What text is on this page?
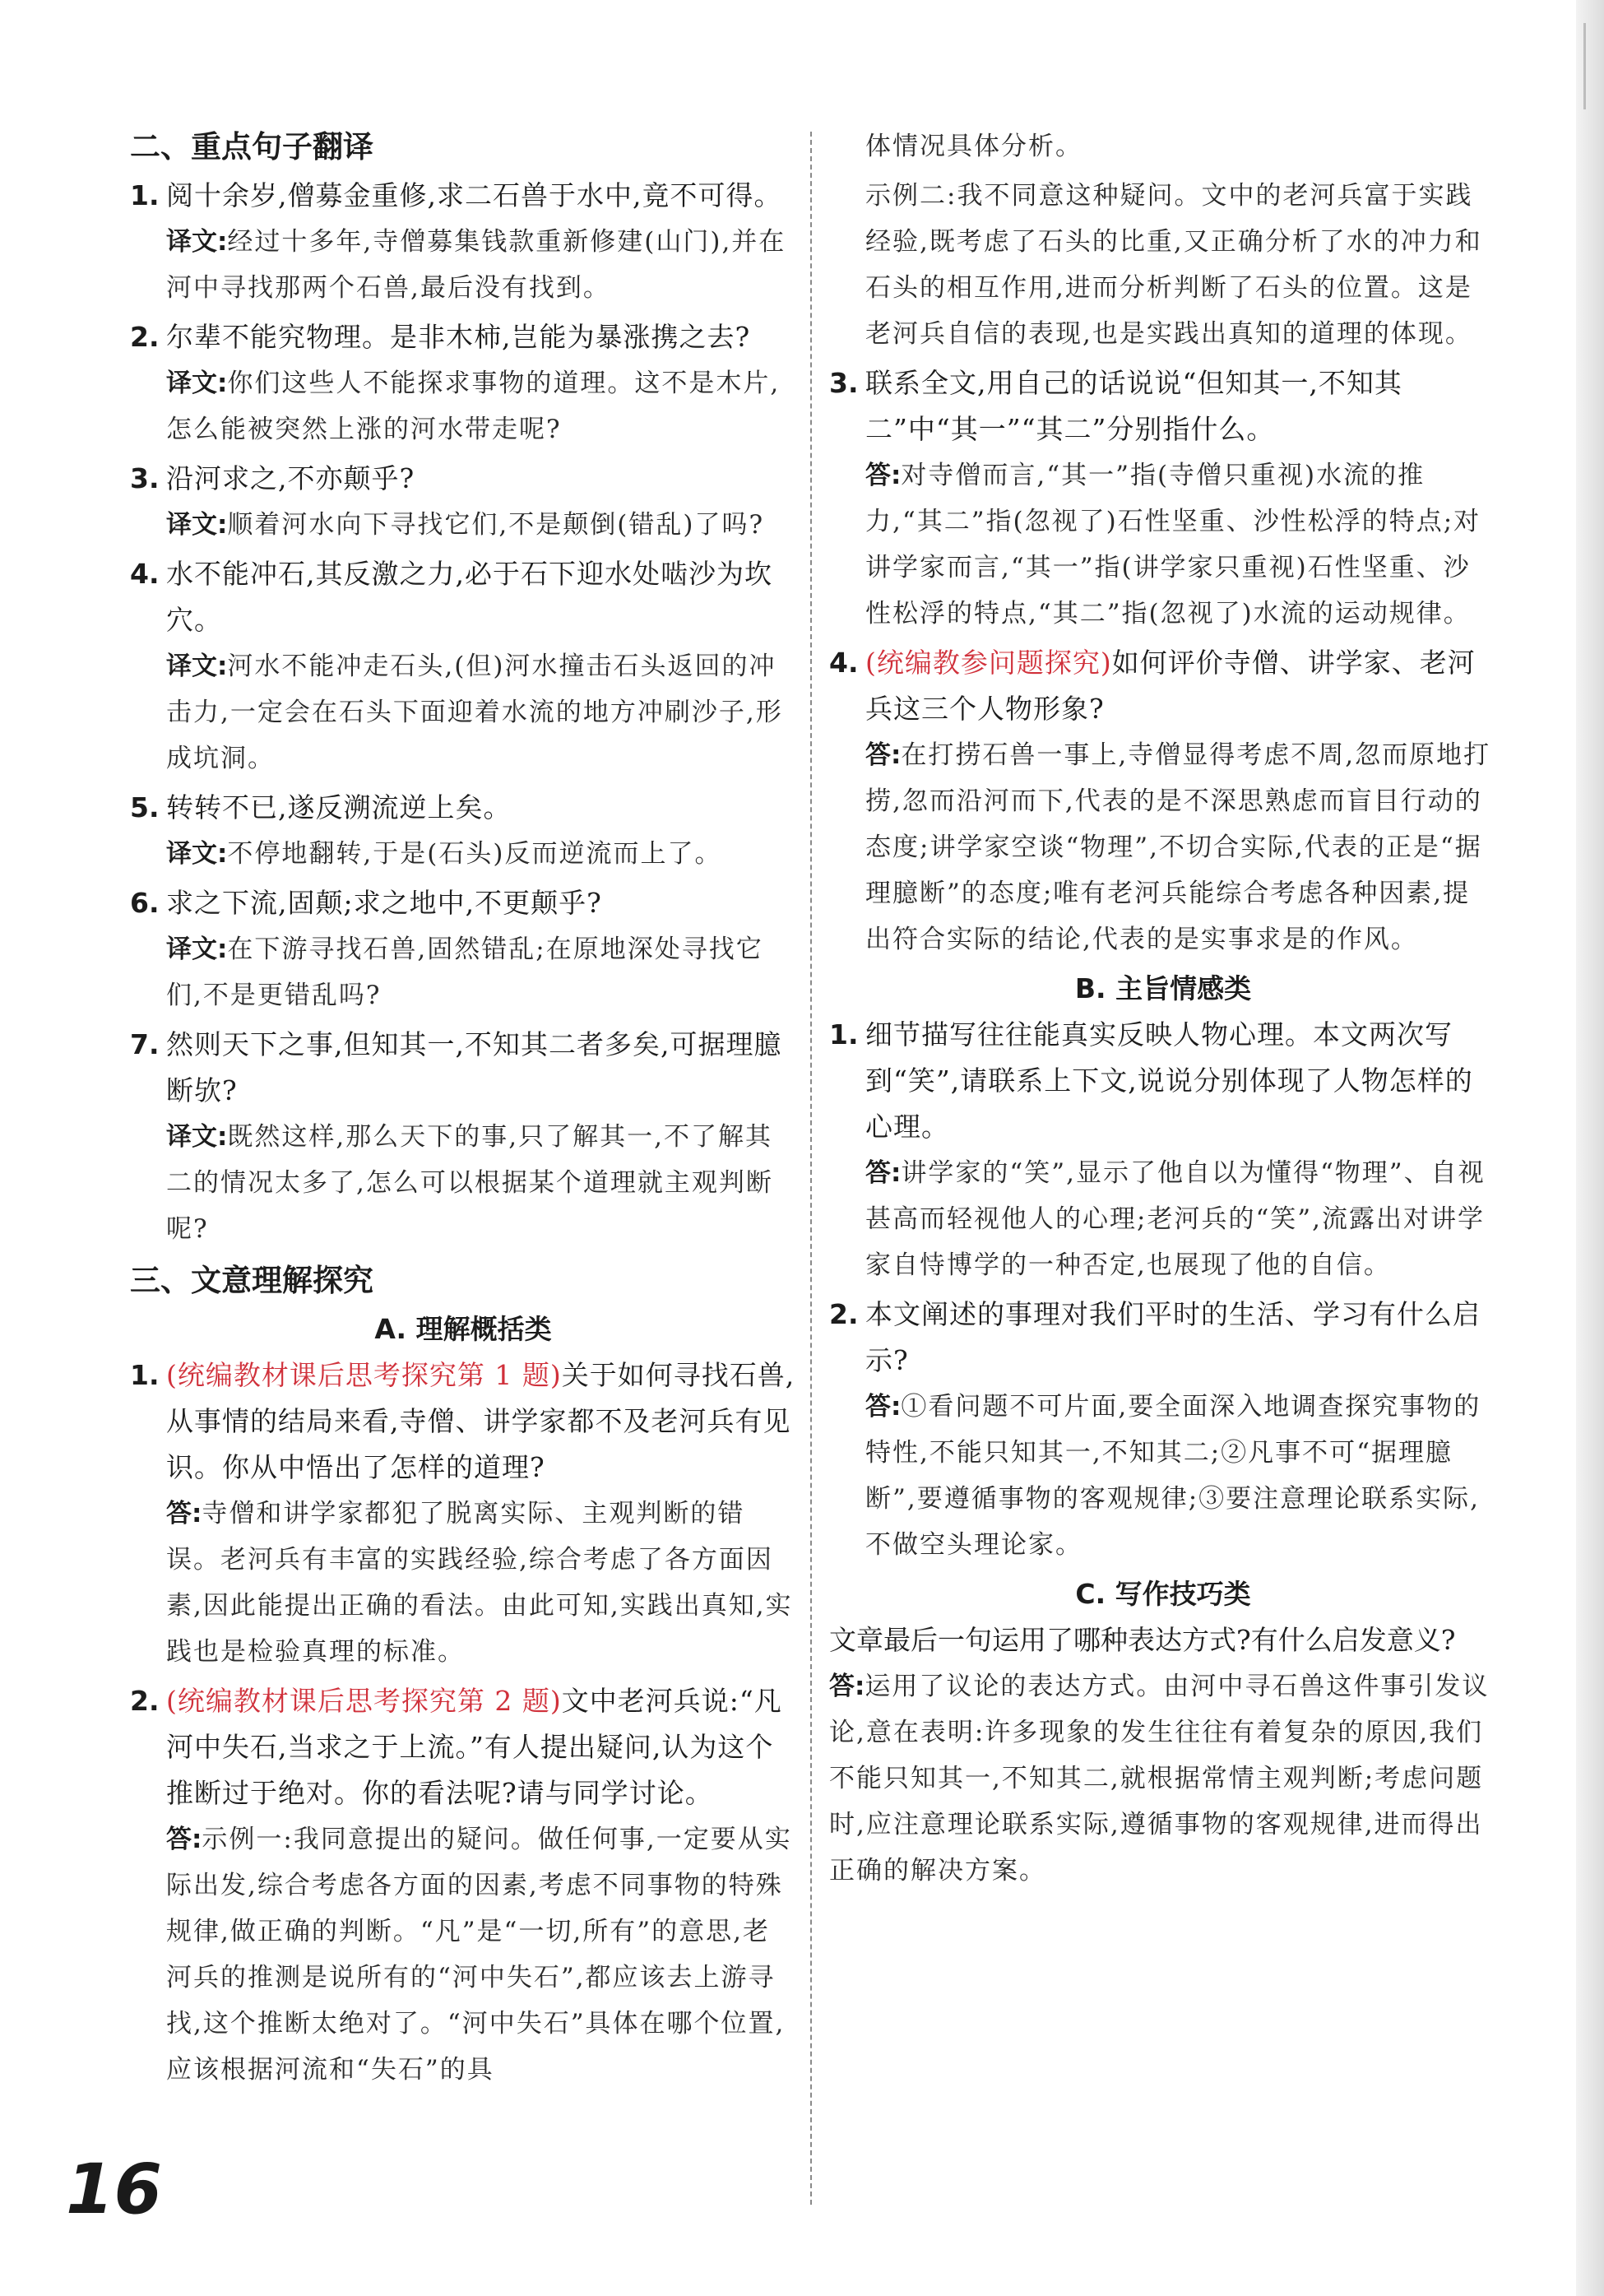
二、重点句子翻译
1. 阅十余岁,僧募金重修,求二石兽于水中,竟不可得。
译文:经过十多年,寺僧募集钱款重新修建(山门),并在河中寻找那两个石兽,最后没有找到。
2. 尔辈不能究物理。是非木柿,岂能为暴涨携之去?
译文:你们这些人不能探求事物的道理。这不是木片,怎么能被突然上涨的河水带走呢?
3. 沿河求之,不亦颠乎?
译文:顺着河水向下寻找它们,不是颠倒(错乱)了吗?
4. 水不能冲石,其反激之力,必于石下迎水处啮沙为坎穴。
译文:河水不能冲走石头,(但)河水撞击石头返回的冲击力,一定会在石头下面迎着水流的地方冲刷沙子,形成坑洞。
5. 转转不已,遂反溯流逆上矣。
译文:不停地翻转,于是(石头)反而逆流而上了。
6. 求之下流,固颠;求之地中,不更颠乎?
译文:在下游寻找石兽,固然错乱;在原地深处寻找它们,不是更错乱吗?
7. 然则天下之事,但知其一,不知其二者多矣,可据理臆断欤?
译文:既然这样,那么天下的事,只了解其一,不了解其二的情况太多了,怎么可以根据某个道理就主观判断呢?
三、文意理解探究
A. 理解概括类
1. (统编教材课后思考探究第 1 题)关于如何寻找石兽,从事情的结局来看,寺僧、讲学家都不及老河兵有见识。你从中悟出了怎样的道理?
答:寺僧和讲学家都犯了脱离实际、主观判断的错误。老河兵有丰富的实践经验,综合考虑了各方面因素,因此能提出正确的看法。由此可知,实践出真知,实践也是检验真理的标准。
2. (统编教材课后思考探究第 2 题)文中老河兵说:“凡河中失石,当求之于上流。”有人提出疑问,认为这个推断过于绝对。你的看法呢?请与同学讨论。
答:示例一:我同意提出的疑问。做任何事,一定要从实际出发,综合考虑各方面的因素,考虑不同事物的特殊规律,做正确的判断。“凡”是“一切,所有”的意思,老河兵的推测是说所有的“河中失石”,都应该去上游寻找,这个推断太绝对了。“河中失石”具体在哪个位置,应该根据河流和“失石”的具
体情况具体分析。
示例二:我不同意这种疑问。文中的老河兵富于实践经验,既考虑了石头的比重,又正确分析了水的冲力和石头的相互作用,进而分析判断了石头的位置。这是老河兵自信的表现,也是实践出真知的道理的体现。
3. 联系全文,用自己的话说说“但知其一,不知其二”中“其一”“其二”分别指什么。
答:对寺僧而言,“其一”指(寺僧只重视)水流的推力,“其二”指(忽视了)石性坚重、沙性松浮的特点;对讲学家而言,“其一”指(讲学家只重视)石性坚重、沙性松浮的特点,“其二”指(忽视了)水流的运动规律。
4. (统编教参问题探究)如何评价寺僧、讲学家、老河兵这三个人物形象?
答:在打捞石兽一事上,寺僧显得考虑不周,忽而原地打捞,忽而沿河而下,代表的是不深思熟虑而盲目行动的态度;讲学家空谈“物理”,不切合实际,代表的正是“据理臆断”的态度;唯有老河兵能综合考虑各种因素,提出符合实际的结论,代表的是实事求是的作风。
B. 主旨情感类
1. 细节描写往往能真实反映人物心理。本文两次写到“笑”,请联系上下文,说说分别体现了人物怎样的心理。
答:讲学家的“笑”,显示了他自以为懂得“物理”、自视甚高而轻视他人的心理;老河兵的“笑”,流露出对讲学家自恃博学的一种否定,也展现了他的自信。
2. 本文阐述的事理对我们平时的生活、学习有什么启示?
答:①看问题不可片面,要全面深入地调查探究事物的特性,不能只知其一,不知其二;②凡事不可“据理臆断”,要遵循事物的客观规律;③要注意理论联系实际,不做空头理论家。
C. 写作技巧类
文章最后一句运用了哪种表达方式?有什么启发意义?
答:运用了议论的表达方式。由河中寻石兽这件事引发议论,意在表明:许多现象的发生往往有着复杂的原因,我们不能只知其一,不知其二,就根据常情主观判断;考虑问题时,应注意理论联系实际,遵循事物的客观规律,进而得出正确的解决方案。
16
